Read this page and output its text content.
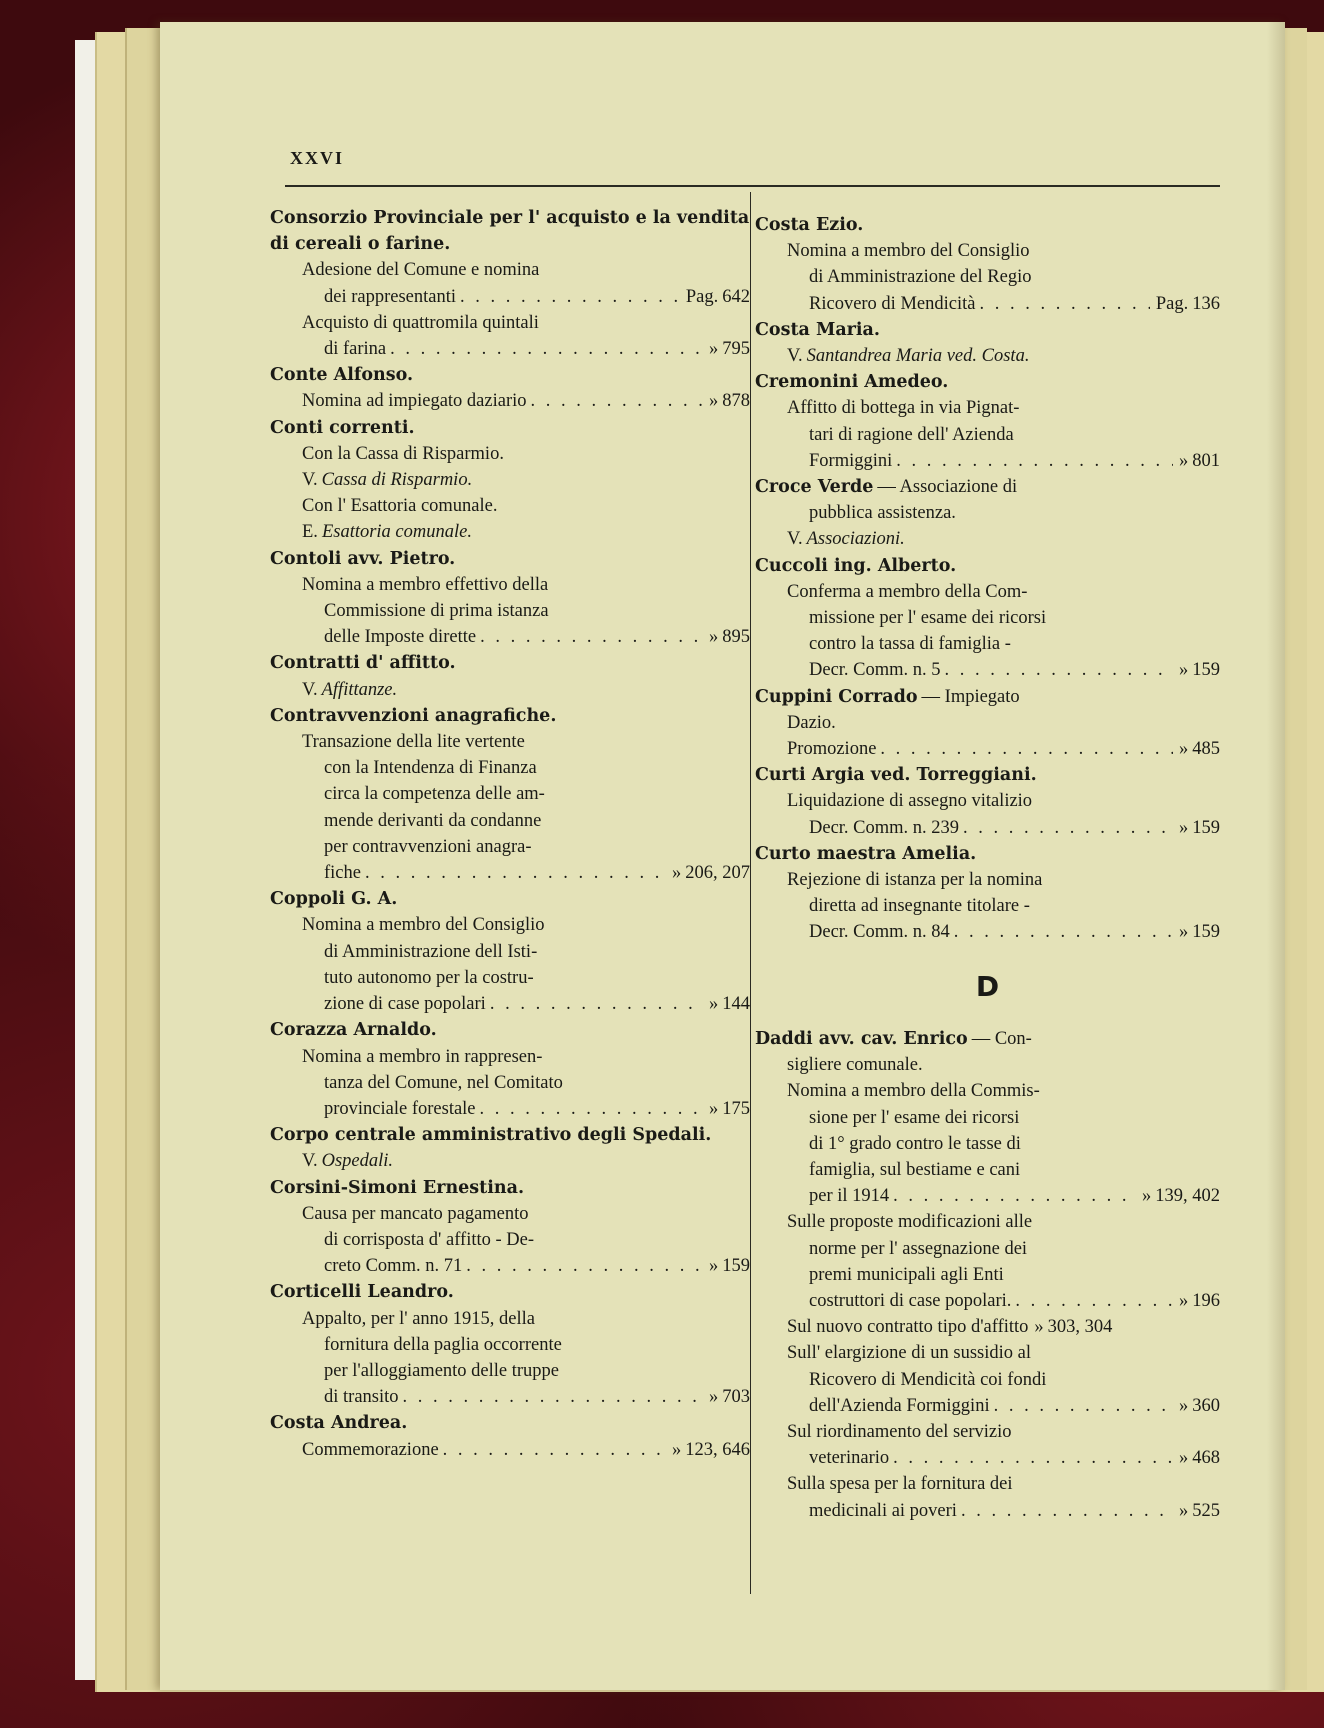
XXVI
Consorzio Provinciale per l' acquisto e la vendita di cereali o farine.
Adesione del Comune e nomina
dei rappresentanti . . .	Pag. 642
Acquisto di quattromila quintali
di farina . . .	» 795
Conte Alfonso.
Nomina ad impiegato daziario . . .	» 878
Conti correnti.
Con la Cassa di Risparmio.
V. Cassa di Risparmio.
Con l' Esattoria comunale.
E. Esattoria comunale.
Contoli avv. Pietro.
Nomina a membro effettivo della
Commissione di prima istanza
delle Imposte dirette . . .	» 895
Contratti d' affitto.
V. Affittanze.
Contravvenzioni anagrafiche.
Transazione della lite vertente
con la Intendenza di Finanza
circa la competenza delle am-
mende derivanti da condanne
per contravvenzioni anagra-
fiche . . .	» 206, 207
Coppoli G. A.
Nomina a membro del Consiglio
di Amministrazione dell Isti-
tuto autonomo per la costru-
zione di case popolari . . .	» 144
Corazza Arnaldo.
Nomina a membro in rappresen-
tanza del Comune, nel Comitato
provinciale forestale . . .	» 175
Corpo centrale amministrativo degli Spedali.
V. Ospedali.
Corsini-Simoni Ernestina.
Causa per mancato pagamento
di corrisposta d' affitto - De-
creto Comm. n. 71 . . .	» 159
Corticelli Leandro.
Appalto, per l' anno 1915, della
fornitura della paglia occorrente
per l'alloggiamento delle truppe
di transito . . .	» 703
Costa Andrea.
Commemorazione . . .	» 123, 646
Costa Ezio.
Nomina a membro del Consiglio
di Amministrazione del Regio
Ricovero di Mendicità . . .	Pag. 136
Costa Maria.
V. Santandrea Maria ved. Costa.
Cremonini Amedeo.
Affitto di bottega in via Pignat-
tari di ragione dell' Azienda
Formiggini . . .	» 801
Croce Verde — Associazione di
pubblica assistenza.
V. Associazioni.
Cuccoli ing. Alberto.
Conferma a membro della Com-
missione per l' esame dei ricorsi
contro la tassa di famiglia -
Decr. Comm. n. 5 . . .	» 159
Cuppini Corrado — Impiegato
Dazio.
Promozione . . .	» 485
Curti Argia ved. Torreggiani.
Liquidazione di assegno vitalizio
Decr. Comm. n. 239 . . .	» 159
Curto maestra Amelia.
Rejezione di istanza per la nomina
diretta ad insegnante titolare -
Decr. Comm. n. 84 . . .	» 159
D
Daddi avv. cav. Enrico — Con-
sigliere comunale.
Nomina a membro della Commis-
sione per l' esame dei ricorsi
di 1° grado contro le tasse di
famiglia, sul bestiame e cani
per il 1914 . . .	» 139, 402
Sulle proposte modificazioni alle
norme per l' assegnazione dei
premi municipali agli Enti
costruttori di case popolari. . . .	» 196
Sul nuovo contratto tipo d'affitto » 303, 304
Sull' elargizione di un sussidio al
Ricovero di Mendicità coi fondi
dell'Azienda Formiggini . . .	» 360
Sul riordinamento del servizio
veterinario . . .	» 468
Sulla spesa per la fornitura dei
medicinali ai poveri . . .	» 525
